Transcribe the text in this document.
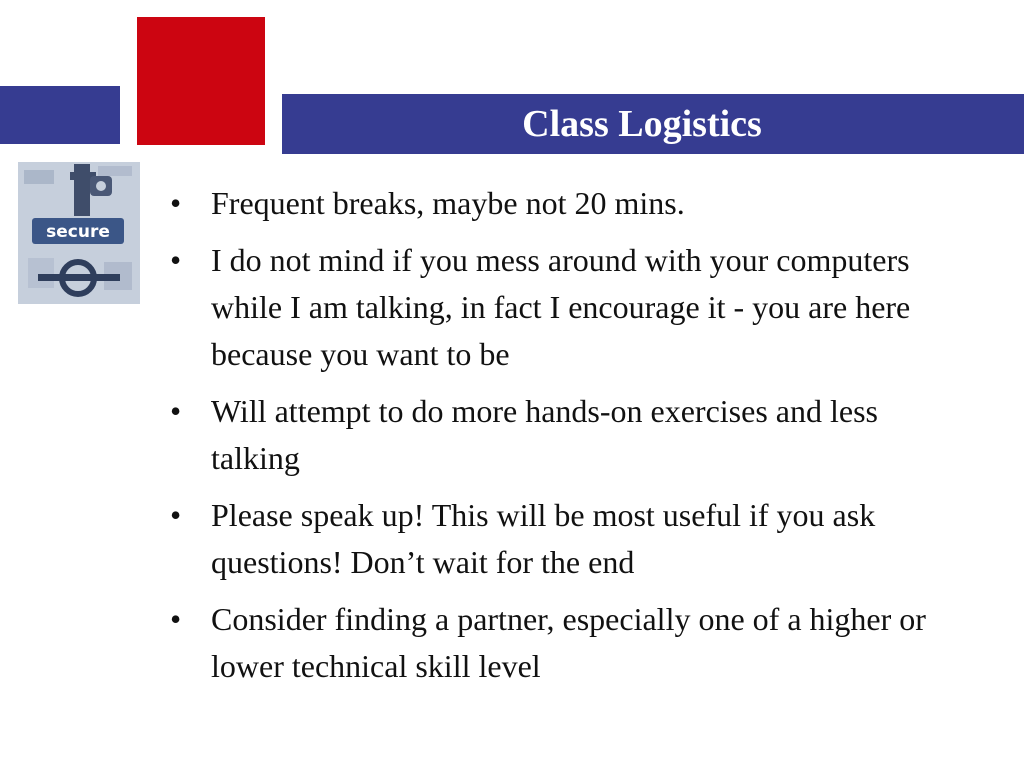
Class Logistics
secure
• Frequent breaks, maybe not 20 mins.
• I do not mind if you mess around with your computers while I am talking, in fact I encourage it - you are here because you want to be
• Will attempt to do more hands-on exercises and less talking
• Please speak up! This will be most useful if you ask questions! Don’t wait for the end
• Consider finding a partner, especially one of a higher or lower technical skill level
